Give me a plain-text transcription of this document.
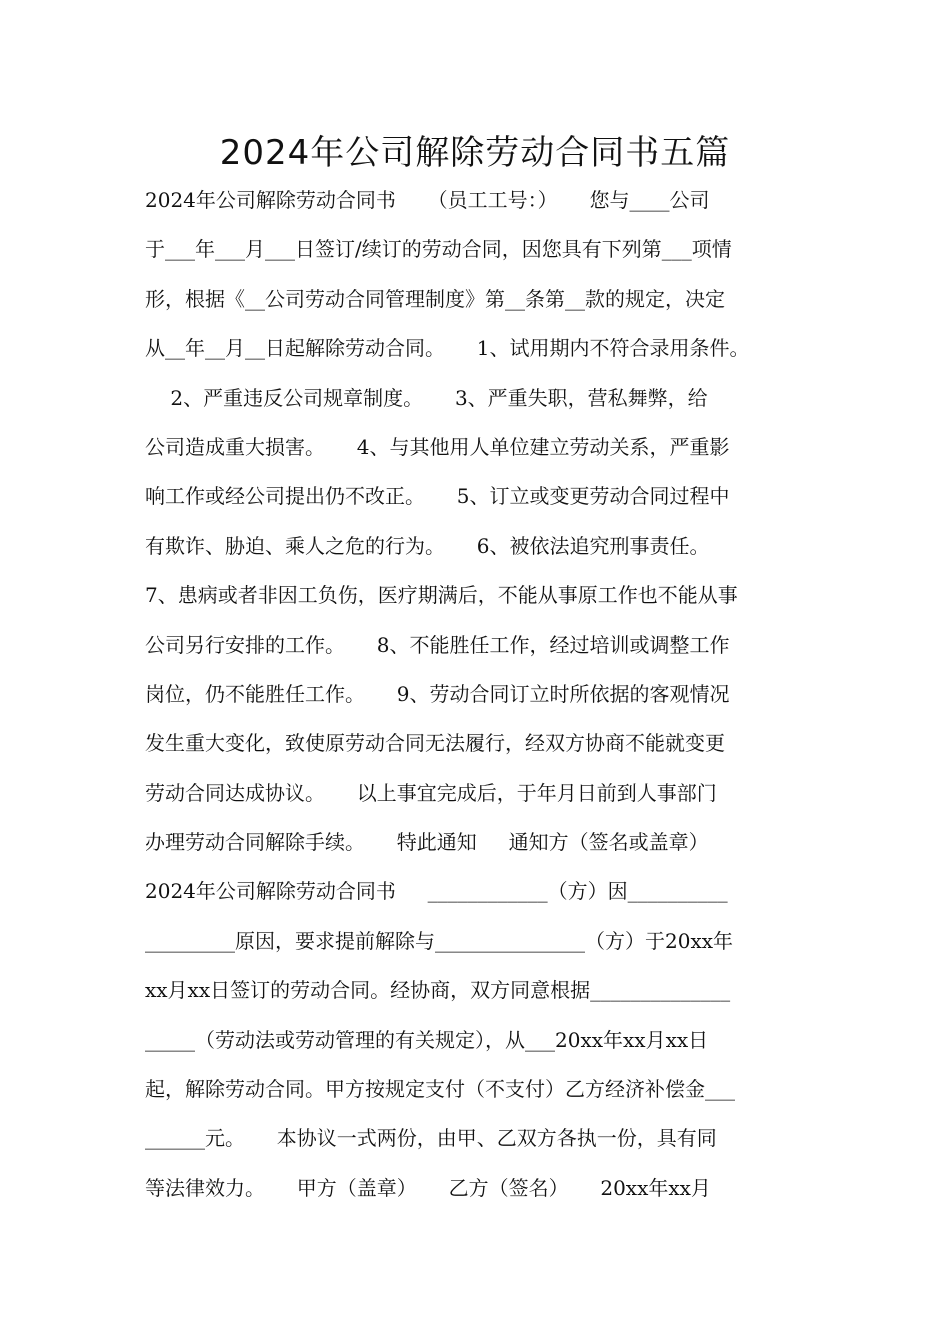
2024年公司解除劳动合同书五篇
2024年公司解除劳动合同书     （员工工号：）     您与____公司
于___年___月___日签订/续订的劳动合同，因您具有下列第___项情
形，根据《__公司劳动合同管理制度》第__条第__款的规定，决定
从__年__月__日起解除劳动合同。     1、试用期内不符合录用条件。
2、严重违反公司规章制度。     3、严重失职，营私舞弊，给
公司造成重大损害。     4、与其他用人单位建立劳动关系，严重影
响工作或经公司提出仍不改正。     5、订立或变更劳动合同过程中
有欺诈、胁迫、乘人之危的行为。     6、被依法追究刑事责任。
7、患病或者非因工负伤，医疗期满后，不能从事原工作也不能从事
公司另行安排的工作。     8、不能胜任工作，经过培训或调整工作
岗位，仍不能胜任工作。     9、劳动合同订立时所依据的客观情况
发生重大变化，致使原劳动合同无法履行，经双方协商不能就变更
劳动合同达成协议。     以上事宜完成后，于年月日前到人事部门
办理劳动合同解除手续。     特此通知     通知方（签名或盖章）
2024年公司解除劳动合同书     ____________（方）因__________
_________原因，要求提前解除与_______________（方）于20xx年
xx月xx日签订的劳动合同。经协商，双方同意根据______________
_____（劳动法或劳动管理的有关规定），从___20xx年xx月xx日
起，解除劳动合同。甲方按规定支付（不支付）乙方经济补偿金___
______元。     本协议一式两份，由甲、乙双方各执一份，具有同
等法律效力。     甲方（盖章）     乙方（签名）     20xx年xx月
